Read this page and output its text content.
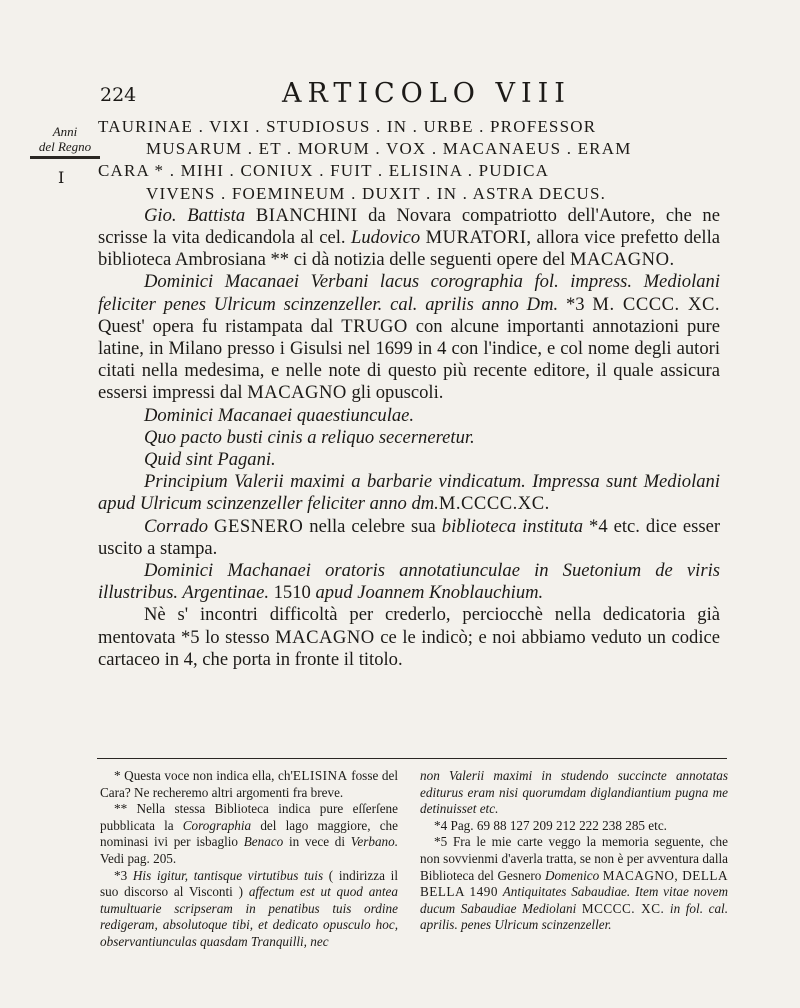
224	ARTICOLO VIII
Anni
del Regno
I
TAURINAE . VIXI . STUDIOSUS . IN . URBE . PROFESSOR
MUSARUM . ET . MORUM . VOX . MACANAEUS . ERAM
CARA * . MIHI . CONIUX . FUIT . ELISINA . PUDICA
VIVENS . FOEMINEUM . DUXIT . IN . ASTRA DECUS.

Gio. Battista BIANCHINI da Novara compatriotto dell'Autore, che ne scrisse la vita dedicandola al cel. Ludovico MURATORI, allora vice prefetto della biblioteca Ambrosiana ** ci dà notizia delle seguenti opere del MACAGNO.

Dominici Macanaei Verbani lacus corographia fol. impress. Mediolani feliciter penes Ulricum scinzenzeller. cal. aprilis anno Dm. *3 M. CCCC. XC. Quest' opera fu ristampata dal TRUGO con alcune importanti annotazioni pure latine, in Milano presso i Gisulsi nel 1699 in 4 con l'indice, e col nome degli autori citati nella medesima, e nelle note di questo più recente editore, il quale assicura essersi impressi dal MACAGNO gli opuscoli.

Dominici Macanaei quaestiunculae.

Quo pacto busti cinis a reliquo secerneretur.

Quid sint Pagani.

Principium Valerii maximi a barbarie vindicatum. Impressa sunt Mediolani apud Ulricum scinzenzeller feliciter anno dm.M.CCCC.XC.

Corrado GESNERO nella celebre sua biblioteca instituta *4 etc. dice esser uscito a stampa.

Dominici Machanaei oratoris annotatiunculae in Suetonium de viris illustribus. Argentinae. 1510 apud Joannem Knoblauchium.

Nè s' incontri difficoltà per crederlo, perciocchè nella dedicatoria già mentovata *5 lo stesso MACAGNO ce le indicò; e noi abbiamo veduto un codice cartaceo in 4, che porta in fronte il titolo.

* Questa voce non indica ella, ch'ELISINA fosse del Cara? Ne recheremo altri argomenti fra breve.

** Nella stessa Biblioteca indica pure eſſerſene pubblicata la Corographia del lago maggiore, che nominasi ivi per isbaglio Benaco in vece di Verbano. Vedi pag. 205.

*3 His igitur, tantisque virtutibus tuis ( indirizza il suo discorso al Visconti ) affectum est ut quod antea tumultuarie scripseram in penatibus tuis ordine redigeram, absolutoque tibi, et dedicato opusculo hoc, observantiunculas quasdam Tranquilli, nec

non Valerii maximi in studendo succincte annotatas editurus eram nisi quorumdam diglandiantium pugna me detinuisset etc.

*4 Pag. 69 88 127 209 212 222 238 285 etc.

*5 Fra le mie carte veggo la memoria seguente, che non sovvienmi d'averla tratta, se non è per avventura dalla Biblioteca del Gesnero Domenico MACAGNO, DELLA BELLA 1490 Antiquitates Sabaudiae. Item vitae novem ducum Sabaudiae Mediolani MCCCC. XC. in fol. cal. aprilis. penes Ulricum scinzenzeller.
